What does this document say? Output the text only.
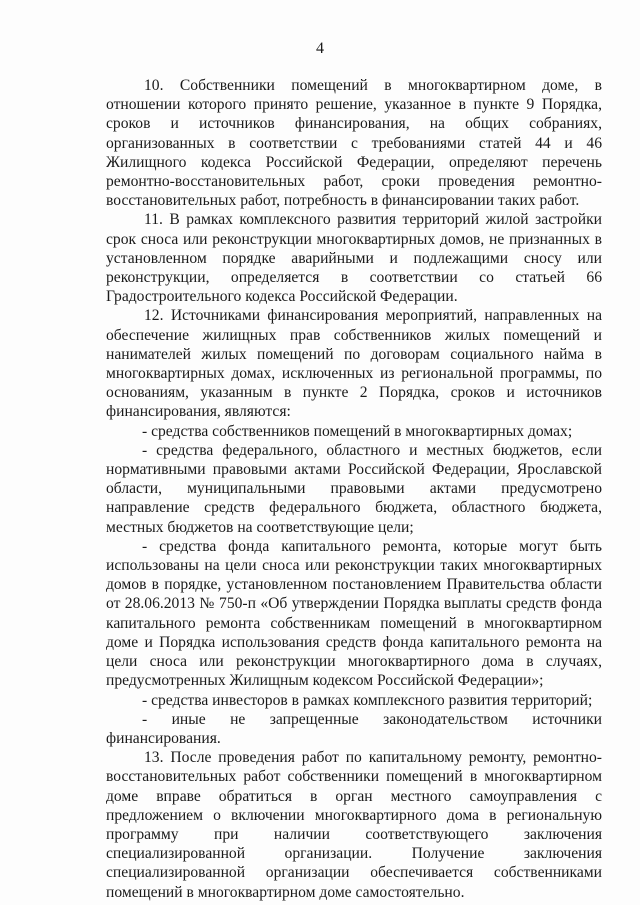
4

10. Собственники помещений в многоквартирном доме, в отношении которого принято решение, указанное в пункте 9 Порядка, сроков и источников финансирования, на общих собраниях, организованных в соответствии с требованиями статей 44 и 46 Жилищного кодекса Российской Федерации, определяют перечень ремонтно-восстановительных работ, сроки проведения ремонтно-восстановительных работ, потребность в финансировании таких работ.

11. В рамках комплексного развития территорий жилой застройки срок сноса или реконструкции многоквартирных домов, не признанных в установленном порядке аварийными и подлежащими сносу или реконструкции, определяется в соответствии со статьей 66 Градостроительного кодекса Российской Федерации.

12. Источниками финансирования мероприятий, направленных на обеспечение жилищных прав собственников жилых помещений и нанимателей жилых помещений по договорам социального найма в многоквартирных домах, исключенных из региональной программы, по основаниям, указанным в пункте 2 Порядка, сроков и источников финансирования, являются:

- средства собственников помещений в многоквартирных домах;

- средства федерального, областного и местных бюджетов, если нормативными правовыми актами Российской Федерации, Ярославской области, муниципальными правовыми актами предусмотрено направление средств федерального бюджета, областного бюджета, местных бюджетов на соответствующие цели;

- средства фонда капитального ремонта, которые могут быть использованы на цели сноса или реконструкции таких многоквартирных домов в порядке, установленном постановлением Правительства области от 28.06.2013 № 750-п «Об утверждении Порядка выплаты средств фонда капитального ремонта собственникам помещений в многоквартирном доме и Порядка использования средств фонда капитального ремонта на цели сноса или реконструкции многоквартирного дома в случаях, предусмотренных Жилищным кодексом Российской Федерации»;

- средства инвесторов в рамках комплексного развития территорий;

- иные не запрещенные законодательством источники финансирования.

13. После проведения работ по капитальному ремонту, ремонтно-восстановительных работ собственники помещений в многоквартирном доме вправе обратиться в орган местного самоуправления с предложением о включении многоквартирного дома в региональную программу при наличии соответствующего заключения специализированной организации. Получение заключения специализированной организации обеспечивается собственниками помещений в многоквартирном доме самостоятельно.
